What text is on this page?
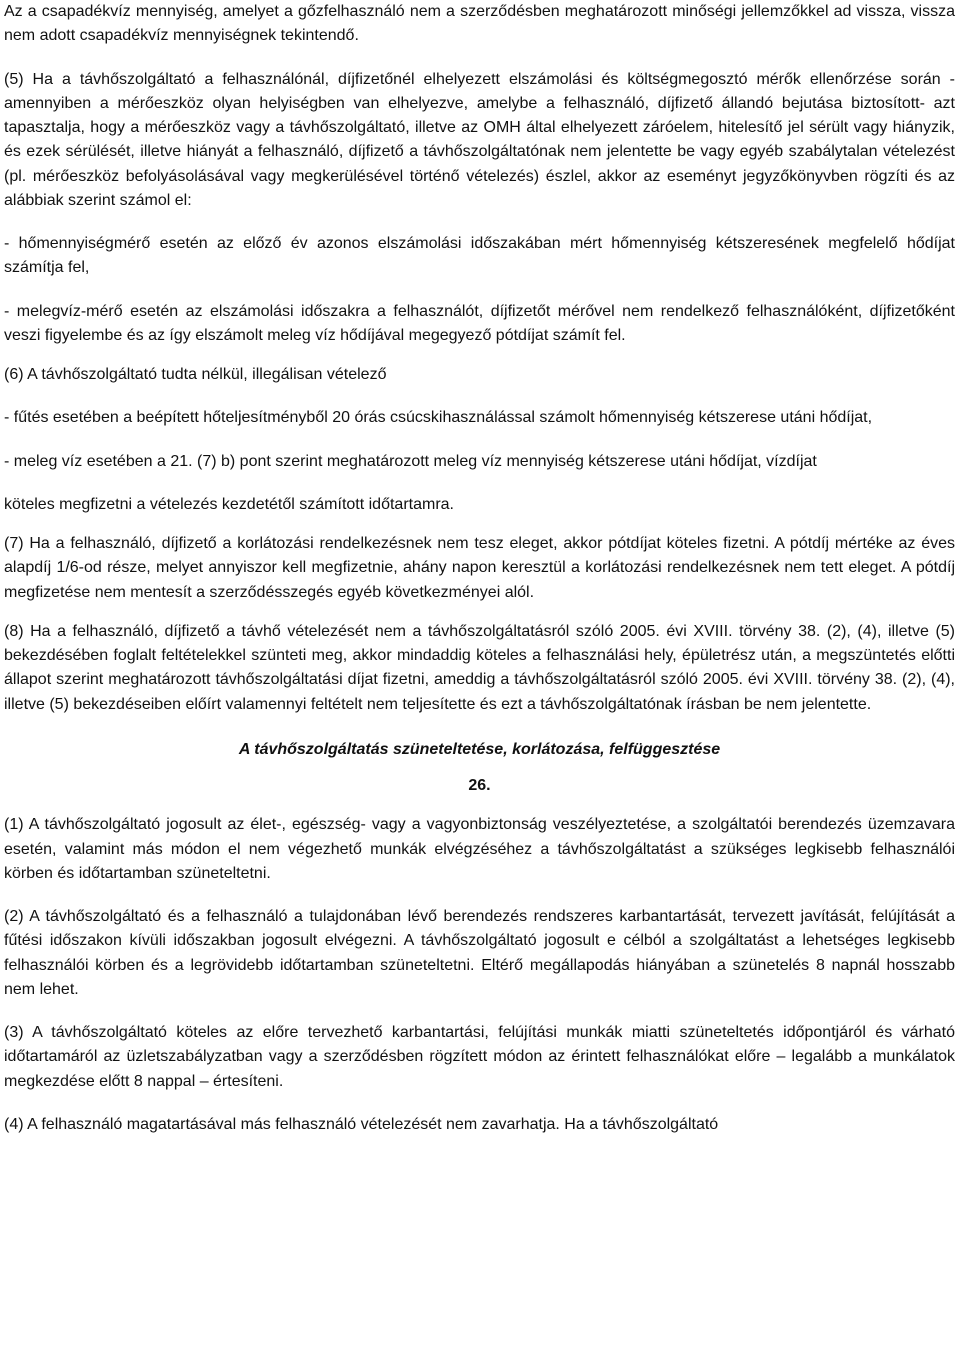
Az a csapadékvíz mennyiség, amelyet a gőzfelhasználó nem a szerződésben meghatározott minőségi jellemzőkkel ad vissza, vissza nem adott csapadékvíz mennyiségnek tekintendő.

(5) Ha a távhőszolgáltató a felhasználónál, díjfizetőnél elhelyezett elszámolási és költségmegosztó mérők ellenőrzése során -amennyiben a mérőeszköz olyan helyiségben van elhelyezve, amelybe a felhasználó, díjfizető állandó bejutása biztosított- azt tapasztalja, hogy a mérőeszköz vagy a távhőszolgáltató, illetve az OMH által elhelyezett záróelem, hitelesítő jel sérült vagy hiányzik, és ezek sérülését, illetve hiányát a felhasználó, díjfizető a távhőszolgáltatónak nem jelentette be vagy egyéb szabálytalan vételezést (pl. mérőeszköz befolyásolásával vagy megkerülésével történő vételezés) észlel, akkor az eseményt jegyzőkönyvben rögzíti és az alábbiak szerint számol el:

- hőmennyiségmérő esetén az előző év azonos elszámolási időszakában mért hőmennyiség kétszeresének megfelelő hődíjat számítja fel,

- melegvíz-mérő esetén az elszámolási időszakra a felhasználót, díjfizetőt mérővel nem rendelkező felhasználóként, díjfizetőként veszi figyelembe és az így elszámolt meleg víz hődíjával megegyező pótdíjat számít fel.

(6) A távhőszolgáltató tudta nélkül, illegálisan vételező

- fűtés esetében a beépített hőteljesítményből 20 órás csúcskihasználással számolt hőmennyiség kétszerese utáni hődíjat,

- meleg víz esetében a 21. (7) b) pont szerint meghatározott meleg víz mennyiség kétszerese utáni hődíjat, vízdíjat

köteles megfizetni a vételezés kezdetétől számított időtartamra.

(7) Ha a felhasználó, díjfizető a korlátozási rendelkezésnek nem tesz eleget, akkor pótdíjat köteles fizetni. A pótdíj mértéke az éves alapdíj 1/6-od része, melyet annyiszor kell megfizetnie, ahány napon keresztül a korlátozási rendelkezésnek nem tett eleget. A pótdíj megfizetése nem mentesít a szerződésszegés egyéb következményei alól.

(8) Ha a felhasználó, díjfizető a távhő vételezését nem a távhőszolgáltatásról szóló 2005. évi XVIII. törvény 38. (2), (4), illetve (5) bekezdésében foglalt feltételekkel szünteti meg, akkor mindaddig köteles a felhasználási hely, épületrész után, a megszüntetés előtti állapot szerint meghatározott távhőszolgáltatási díjat fizetni, ameddig a távhőszolgáltatásról szóló 2005. évi XVIII. törvény 38. (2), (4), illetve (5) bekezdéseiben előírt valamennyi feltételt nem teljesítette és ezt a távhőszolgáltatónak írásban be nem jelentette.

A távhőszolgáltatás szüneteltetése, korlátozása, felfüggesztése

26.

(1) A távhőszolgáltató jogosult az élet-, egészség- vagy a vagyonbiztonság veszélyeztetése, a szolgáltatói berendezés üzemzavara esetén, valamint más módon el nem végezhető munkák elvégzéséhez a távhőszolgáltatást a szükséges legkisebb felhasználói körben és időtartamban szüneteltetni.

(2) A távhőszolgáltató és a felhasználó a tulajdonában lévő berendezés rendszeres karbantartását, tervezett javítását, felújítását a fűtési időszakon kívüli időszakban jogosult elvégezni. A távhőszolgáltató jogosult e célból a szolgáltatást a lehetséges legkisebb felhasználói körben és a legrövidebb időtartamban szüneteltetni. Eltérő megállapodás hiányában a szünetelés 8 napnál hosszabb nem lehet.

(3) A távhőszolgáltató köteles az előre tervezhető karbantartási, felújítási munkák miatti szüneteltetés időpontjáról és várható időtartamáról az üzletszabályzatban vagy a szerződésben rögzített módon az érintett felhasználókat előre – legalább a munkálatok megkezdése előtt 8 nappal – értesíteni.

(4) A felhasználó magatartásával más felhasználó vételezését nem zavarhatja. Ha a távhőszolgáltató
